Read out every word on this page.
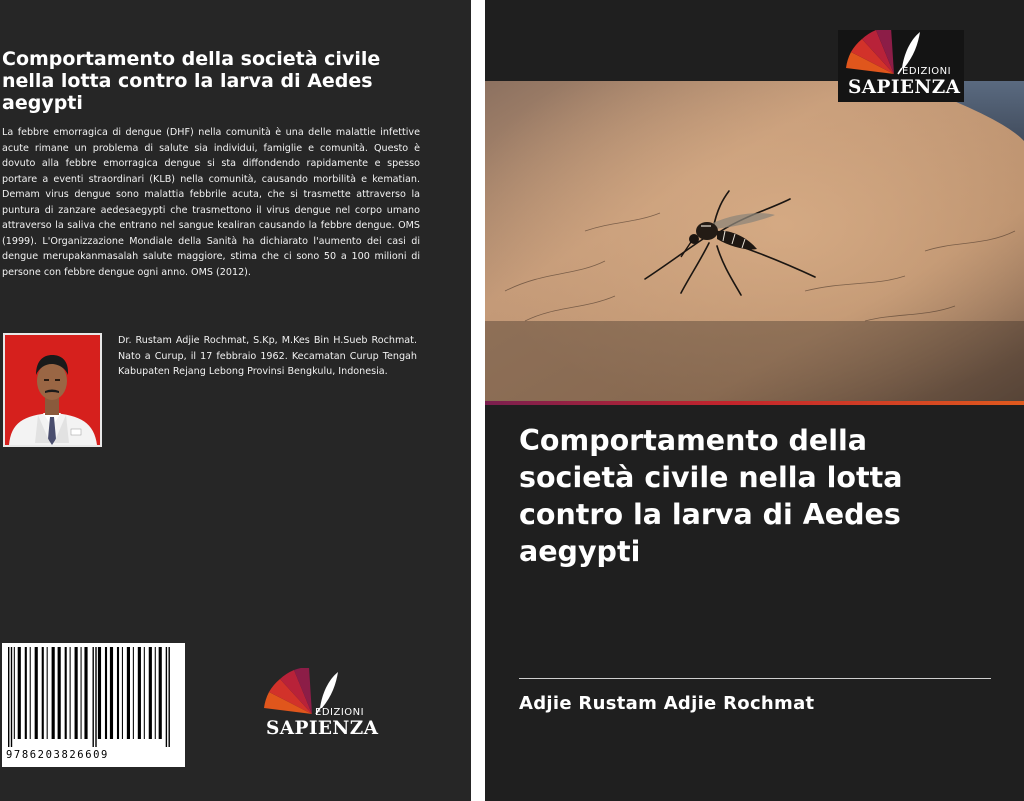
Comportamento della società civile nella lotta contro la larva di Aedes aegypti

La febbre emorragica di dengue (DHF) nella comunità è una delle malattie infettive acute rimane un problema di salute sia individui, famiglie e comunità. Questo è dovuto alla febbre emorragica dengue si sta diffondendo rapidamente e spesso portare a eventi straordinari (KLB) nella comunità, causando morbilità e kematian. Demam virus dengue sono malattia febbrile acuta, che si trasmette attraverso la puntura di zanzare aedesaegypti che trasmettono il virus dengue nel corpo umano attraverso la saliva che entrano nel sangue kealiran causando la febbre dengue. OMS (1999). L'Organizzazione Mondiale della Sanità ha dichiarato l'aumento dei casi di dengue merupakanmasalah salute maggiore, stima che ci sono 50 a 100 milioni di persone con febbre dengue ogni anno. OMS (2012).

Dr. Rustam Adjie Rochmat, S.Kp, M.Kes Bin H.Sueb Rochmat. Nato a Curup, il 17 febbraio 1962. Kecamatan Curup Tengah Kabupaten Rejang Lebong Provinsi Bengkulu, Indonesia.

9786203826609
EDIZIONI
SAPIENZA
EDIZIONI
SAPIENZA
Comportamento della società civile nella lotta contro la larva di Aedes aegypti
Adjie Rustam Adjie Rochmat
